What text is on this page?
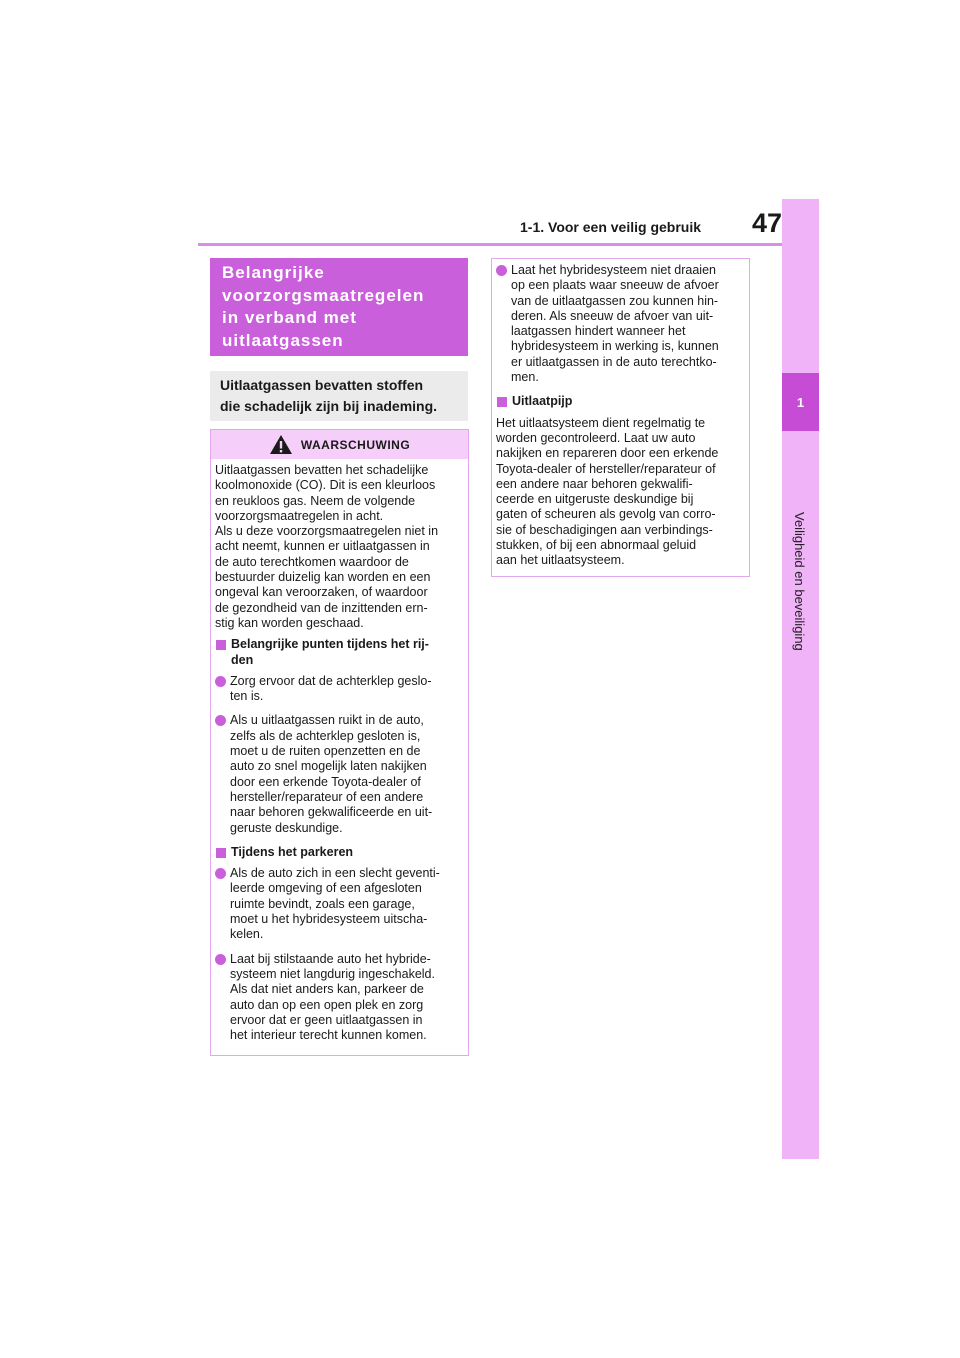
47
1-1. Voor een veilig gebruik
1
Veiligheid en beveiliging
Belangrijke
voorzorgsmaatregelen
in verband met
uitlaatgassen

Uitlaatgassen bevatten stoffen
die schadelijk zijn bij inademing.

WAARSCHUWING

Uitlaatgassen bevatten het schadelijke
koolmonoxide (CO). Dit is een kleurloos
en reukloos gas. Neem de volgende
voorzorgsmaatregelen in acht.
Als u deze voorzorgsmaatregelen niet in
acht neemt, kunnen er uitlaatgassen in
de auto terechtkomen waardoor de
bestuurder duizelig kan worden en een
ongeval kan veroorzaken, of waardoor
de gezondheid van de inzittenden ern-
stig kan worden geschaad.

Belangrijke punten tijdens het rij-
den
Zorg ervoor dat de achterklep geslo-
ten is.
Als u uitlaatgassen ruikt in de auto,
zelfs als de achterklep gesloten is,
moet u de ruiten openzetten en de
auto zo snel mogelijk laten nakijken
door een erkende Toyota-dealer of
hersteller/reparateur of een andere
naar behoren gekwalificeerde en uit-
geruste deskundige.
Tijdens het parkeren
Als de auto zich in een slecht geventi-
leerde omgeving of een afgesloten
ruimte bevindt, zoals een garage,
moet u het hybridesysteem uitscha-
kelen.
Laat bij stilstaande auto het hybride-
systeem niet langdurig ingeschakeld.
Als dat niet anders kan, parkeer de
auto dan op een open plek en zorg
ervoor dat er geen uitlaatgassen in
het interieur terecht kunnen komen.
Laat het hybridesysteem niet draaien
op een plaats waar sneeuw de afvoer
van de uitlaatgassen zou kunnen hin-
deren. Als sneeuw de afvoer van uit-
laatgassen hindert wanneer het
hybridesysteem in werking is, kunnen
er uitlaatgassen in de auto terechtko-
men.
Uitlaatpijp

Het uitlaatsysteem dient regelmatig te
worden gecontroleerd. Laat uw auto
nakijken en repareren door een erkende
Toyota-dealer of hersteller/reparateur of
een andere naar behoren gekwalifi-
ceerde en uitgeruste deskundige bij
gaten of scheuren als gevolg van corro-
sie of beschadigingen aan verbindings-
stukken, of bij een abnormaal geluid
aan het uitlaatsysteem.
